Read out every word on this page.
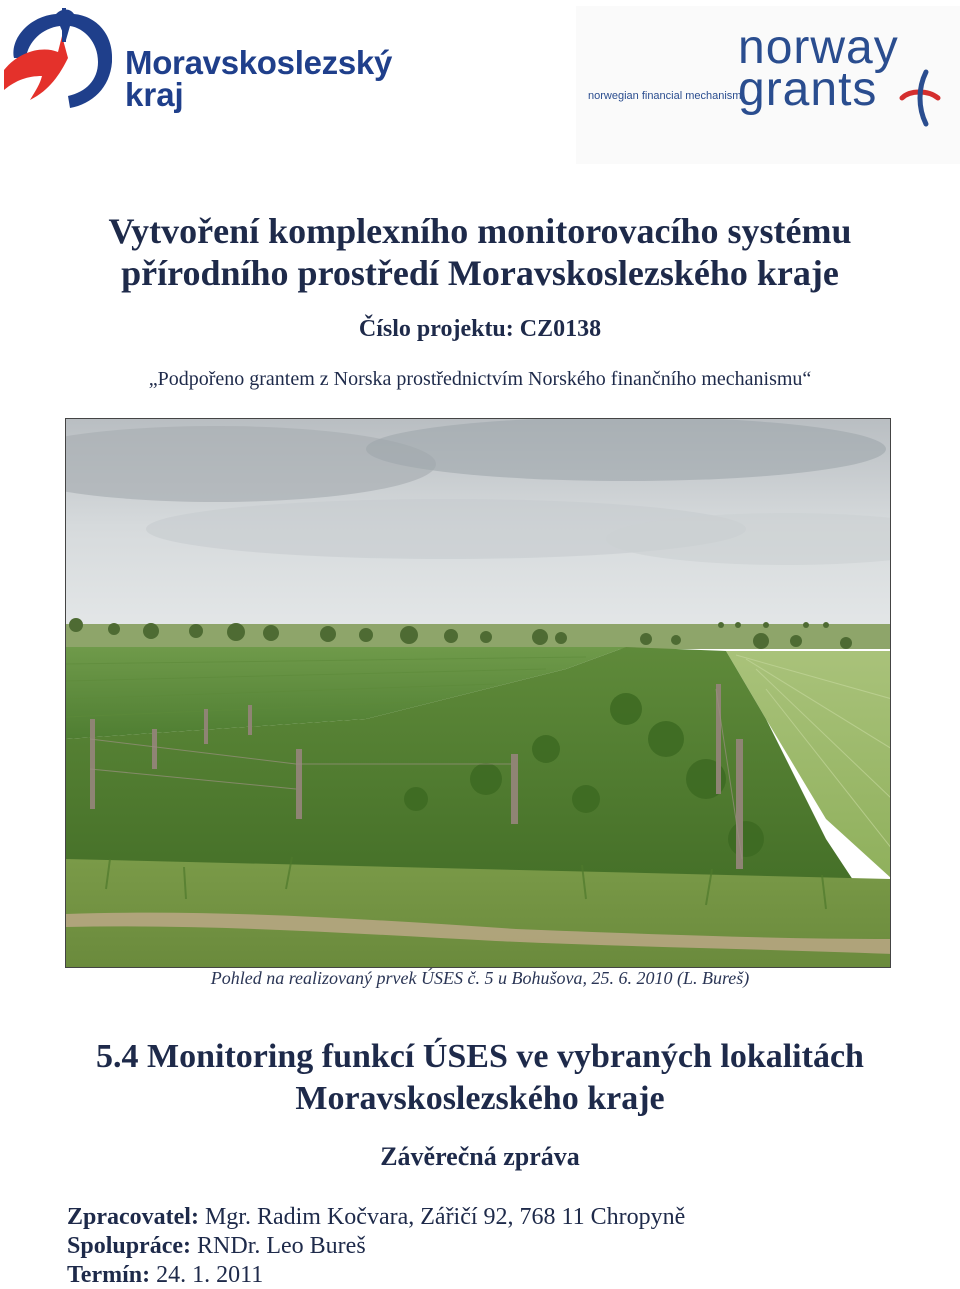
Moravskoslezský
kraj
norway
grants
norwegian financial mechanism
Vytvoření komplexního monitorovacího systému
přírodního prostředí Moravskoslezského kraje
Číslo projektu: CZ0138
„Podpořeno grantem z Norska prostřednictvím Norského finančního mechanismu“
Pohled na realizovaný prvek ÚSES č. 5 u Bohušova, 25. 6. 2010 (L. Bureš)
5.4 Monitoring funkcí ÚSES ve vybraných lokalitách
Moravskoslezského kraje
Závěrečná zpráva
Zpracovatel: Mgr. Radim Kočvara, Zářičí 92, 768 11 Chropyně
Spolupráce: RNDr. Leo Bureš
Termín: 24. 1. 2011
